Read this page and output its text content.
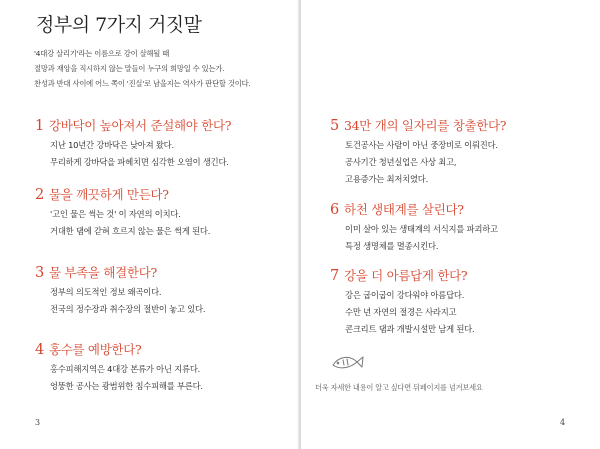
정부의 7가지 거짓말
'4대강 살리기'라는 이름으로 강이 살해될 때
절망과 재앙을 직시하지 않는 말들이 누구의 희망일 수 있는가.
찬성과 반대 사이에 어느 쪽이 '진실'로 남을지는 역사가 판단할 것이다.
1 강바닥이 높아져서 준설해야 한다?
지난 10년간 강바닥은 낮아져 왔다.
무리하게 강바닥을 파헤치면 심각한 오염이 생긴다.
2 물을 깨끗하게 만든다?
'고인 물은 썩는 것' 이 자연의 이치다.
거대한 댐에 갇혀 흐르지 않는 물은 썩게 된다.
3 물 부족을 해결한다?
정부의 의도적인 정보 왜곡이다.
전국의 정수장과 취수장의 절반이 놓고 있다.
4 홍수를 예방한다?
홍수피해지역은 4대강 본류가 아닌 지류다.
엉뚱한 공사는 광범위한 침수피해를 부른다.
3
5 34만 개의 일자리를 창출한다?
토건공사는 사람이 아닌 중장비로 이뤄진다.
공사기간 청년실업은 사상 최고,
고용증가는 최저치였다.
6 하천 생태계를 살린다?
이미 살아 있는 생태계의 서식지를 파괴하고
특정 생명체를 멸종시킨다.
7 강을 더 아름답게 한다?
강은 굽이굽이 강다워야 아름답다.
수만 년 자연의 절경은 사라지고
콘크리트 댐과 개발시설만 남게 된다.
더욱 자세한 내용이 알고 싶다면 뒤페이지를 넘겨보세요
4
